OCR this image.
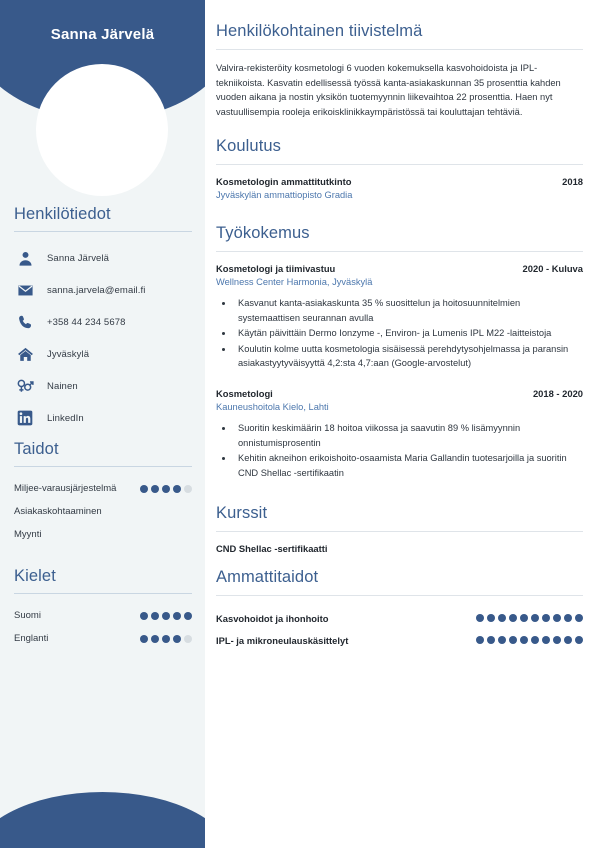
Sanna Järvelä
Henkilötiedot
Sanna Järvelä
sanna.jarvela@email.fi
+358 44 234 5678
Jyväskylä
Nainen
LinkedIn
Taidot
Miljee-varausjärjestelmä
Asiakaskohtaaminen
Myynti
Kielet
Suomi
Englanti
Henkilökohtainen tiivistelmä

Valvira-rekisteröity kosmetologi 6 vuoden kokemuksella kasvohoidoista ja IPL-tekniikoista. Kasvatin edellisessä työssä kanta-asiakaskunnan 35 prosenttia kahden vuoden aikana ja nostin yksikön tuotemyynnin liikevaihtoa 22 prosenttia. Haen nyt vastuullisempia rooleja erikoisklinikkaympäristössä tai kouluttajan tehtäviä.

Koulutus
Kosmetologin ammattitutkinto	2018
Jyväskylän ammattiopisto Gradia
Työkokemus
Kosmetologi ja tiimivastuu	2020 - Kuluva
Wellness Center Harmonia, Jyväskylä
• Kasvanut kanta-asiakaskunta 35 % suosittelun ja hoitosuunnitelmien systemaattisen seurannan avulla
• Käytän päivittäin Dermo Ionzyme -, Environ- ja Lumenis IPL M22 -laitteistoja
• Koulutin kolme uutta kosmetologia sisäisessä perehdytysohjelmassa ja paransin asiakastyytyväisyyttä 4,2:sta 4,7:aan (Google-arvostelut)
Kosmetologi	2018 - 2020
Kauneushoitola Kielo, Lahti
• Suoritin keskimäärin 18 hoitoa viikossa ja saavutin 89 % lisämyynnin onnistumisprosentin
• Kehitin akneihon erikoishoito-osaamista Maria Gallandin tuotesarjoilla ja suoritin CND Shellac -sertifikaatin
Kurssit
CND Shellac -sertifikaatti
Ammattitaidot
Kasvohoidot ja ihonhoito
IPL- ja mikroneulauskäsittelyt
